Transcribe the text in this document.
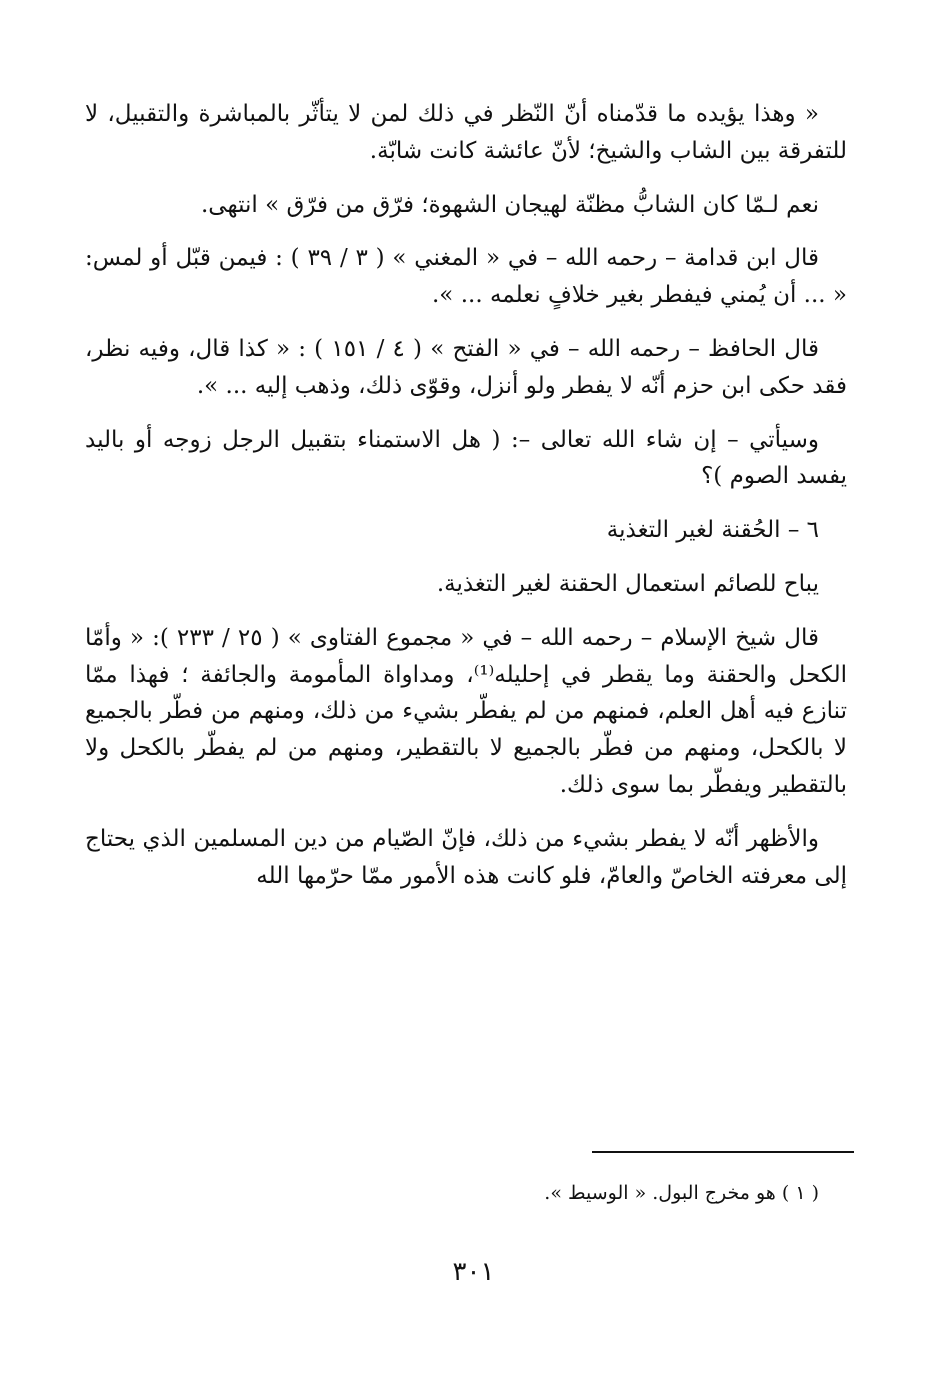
« وهذا يؤيده ما قدّمناه أنّ النّظر في ذلك لمن لا يتأثّر بالمباشرة والتقبيل، لا للتفرقة بين الشاب والشيخ؛ لأنّ عائشة كانت شابّة.

نعم لـمّا كان الشابُّ مظنّة لهيجان الشهوة؛ فرّق من فرّق » انتهى.

قال ابن قدامة – رحمه الله – في « المغني » ( ٣ / ٣٩ ) : فيمن قبّل أو لمس: « ... أن يُمني فيفطر بغير خلافٍ نعلمه ... ».

قال الحافظ – رحمه الله – في « الفتح » ( ٤ / ١٥١ ) : « كذا قال، وفيه نظر، فقد حكى ابن حزم أنّه لا يفطر ولو أنزل، وقوّى ذلك، وذهب إليه ... ».

وسيأتي – إن شاء الله تعالى –: ( هل الاستمناء بتقبيل الرجل زوجه أو باليد يفسد الصوم )؟

٦ – الحُقنة لغير التغذية

يباح للصائم استعمال الحقنة لغير التغذية.

قال شيخ الإسلام – رحمه الله – في « مجموع الفتاوى » ( ٢٥ / ٢٣٣ ): « وأمّا الكحل والحقنة وما يقطر في إحليله⁽¹⁾، ومداواة المأمومة والجائفة ؛ فهذا ممّا تنازع فيه أهل العلم، فمنهم من لم يفطّر بشيء من ذلك، ومنهم من فطّر بالجميع لا بالكحل، ومنهم من فطّر بالجميع لا بالتقطير، ومنهم من لم يفطّر بالكحل ولا بالتقطير ويفطّر بما سوى ذلك.

والأظهر أنّه لا يفطر بشيء من ذلك، فإنّ الصّيام من دين المسلمين الذي يحتاج إلى معرفته الخاصّ والعامّ، فلو كانت هذه الأمور ممّا حرّمها الله

( ١ ) هو مخرج البول. « الوسيط ».
٣٠١
